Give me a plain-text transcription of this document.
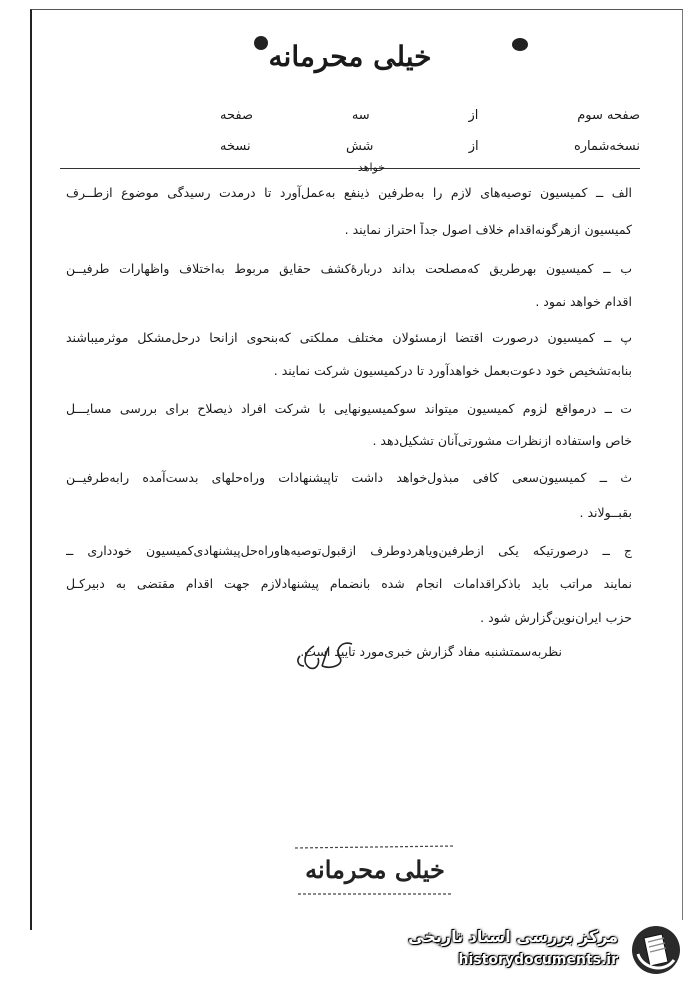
خیلی محرمانه
صفحه سوم
از
سه
صفحه
نسخه‌شماره
از
شش
نسخه
خواهد
الف ــ کمیسیون توصیه‌های لازم را به‌طرفین ذینفع به‌عمل‌آورد تا درمدت رسیدگی موضوع ازطــرف
کمیسیون ازهرگونه‌اقدام خلاف اصول جداً احتراز نمایند .
ب ــ کمیسیون بهرطریق که‌مصلحت بداند دربارهٔ‌کشف حقایق مربوط به‌اختلاف واظهارات طرفیــن
اقدام خواهد نمود .
پ ــ کمیسیون درصورت اقتضا ازمسئولان مختلف مملکتی که‌بنحوی ازانحا درحل‌مشکل موثرمیباشند
بنابه‌تشخیص خود دعوت‌بعمل خواهدآورد تا درکمیسیون شرکت نمایند .
ت ــ درمواقع لزوم کمیسیون میتواند سوکمیسیونهایی با شرکت افراد ذیصلاح برای بررسی مسایـــل
خاص واستفاده ازنظرات مشورتی‌آنان تشکیل‌دهد .
ث ــ کمیسیون‌سعی کافی مبذول‌خواهد داشت تاپیشنهادات وراه‌حلهای بدست‌آمده رابه‌طرفیــن
بقبــولاند .
ج ــ درصورتیکه یکی ازطرفین‌ویاهردوطرف ازقبول‌توصیه‌هاوراه‌حل‌پیشنهادی‌کمیسیون خودداری ــ
نمایند مراتب باید باذکراقدامات انجام شده بانضمام پیشنهادلازم جهت اقدام مقتضی به دبیرکـل
حزب ایران‌نوین‌گزارش شود .
نظربه‌سمتشنبه مفاد گزارش خبری‌مورد تایید است.
خیلی محرمانه
مرکز بررسی اسناد تاریخی
historydocuments.ir
